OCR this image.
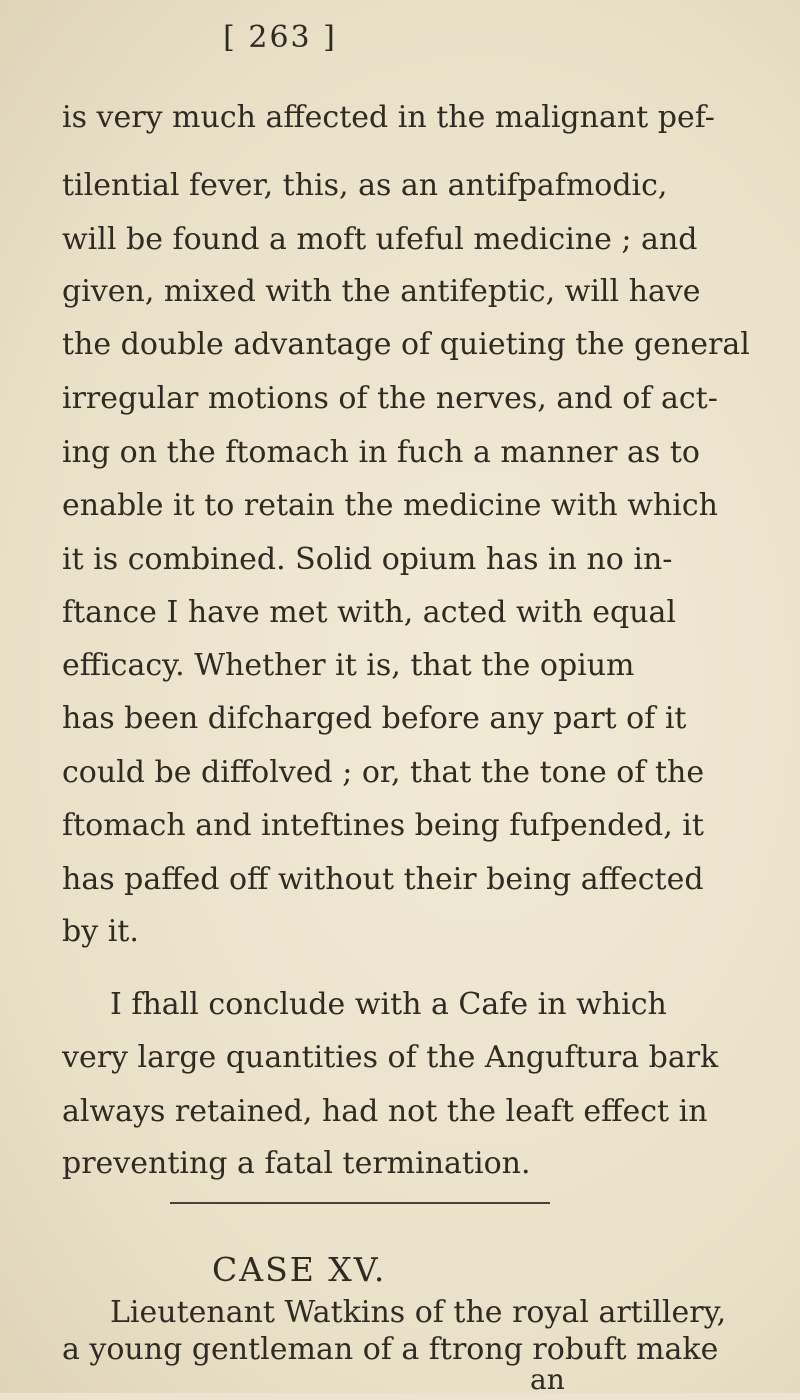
[ 263 ]
is very much affected in the malignant pef-
tilential fever, this, as an antifpafmodic,
will be found a moft ufeful medicine ; and
given, mixed with the antifeptic, will have
the double advantage of quieting the general
irregular motions of the nerves, and of act-
ing on the ftomach in fuch a manner as to
enable it to retain the medicine with which
it is combined. Solid opium has in no in-
ftance I have met with, acted with equal
efficacy. Whether it is, that the opium
has been difcharged before any part of it
could be diffolved ; or, that the tone of the
ftomach and inteftines being fufpended, it
has paffed off without their being affected
by it.
I fhall conclude with a Cafe in which
very large quantities of the Anguftura bark
always retained, had not the leaft effect in
preventing a fatal termination.
CASE XV.
Lieutenant Watkins of the royal artillery,
a young gentleman of a ftrong robuft make
an
